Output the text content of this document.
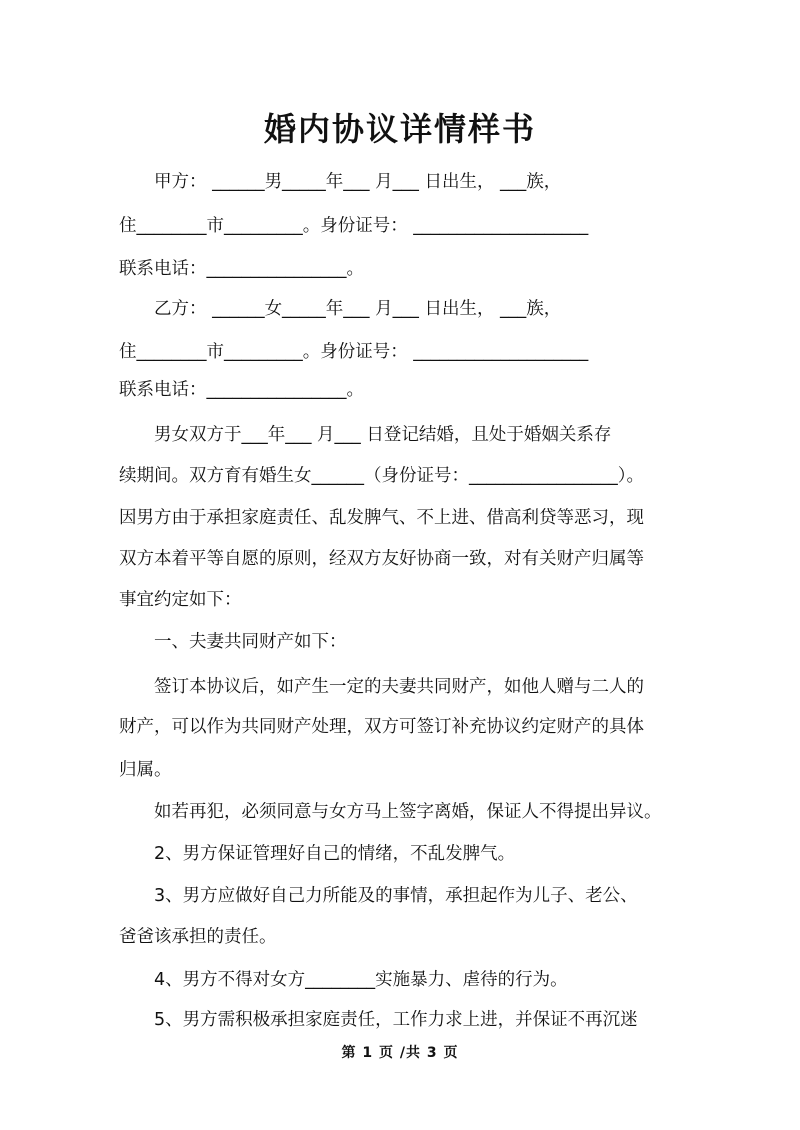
婚内协议详情样书

甲方： ______男_____年___ 月___ 日出生， ___族，

住________市_________。身份证号： ____________________

联系电话：________________。

乙方： ______女_____年___ 月___ 日出生， ___族，

住________市_________。身份证号： ____________________

联系电话：________________。

男女双方于___年___ 月___ 日登记结婚，且处于婚姻关系存

续期间。双方育有婚生女______（身份证号：_________________）。

因男方由于承担家庭责任、乱发脾气、不上进、借高利贷等恶习，现

双方本着平等自愿的原则，经双方友好协商一致，对有关财产归属等

事宜约定如下：

一、夫妻共同财产如下：

签订本协议后，如产生一定的夫妻共同财产，如他人赠与二人的

财产，可以作为共同财产处理，双方可签订补充协议约定财产的具体

归属。

如若再犯，必须同意与女方马上签字离婚，保证人不得提出异议。

2、男方保证管理好自己的情绪，不乱发脾气。

3、男方应做好自己力所能及的事情，承担起作为儿子、老公、

爸爸该承担的责任。

4、男方不得对女方________实施暴力、虐待的行为。

5、男方需积极承担家庭责任，工作力求上进，并保证不再沉迷

第 1 页 /共 3 页
